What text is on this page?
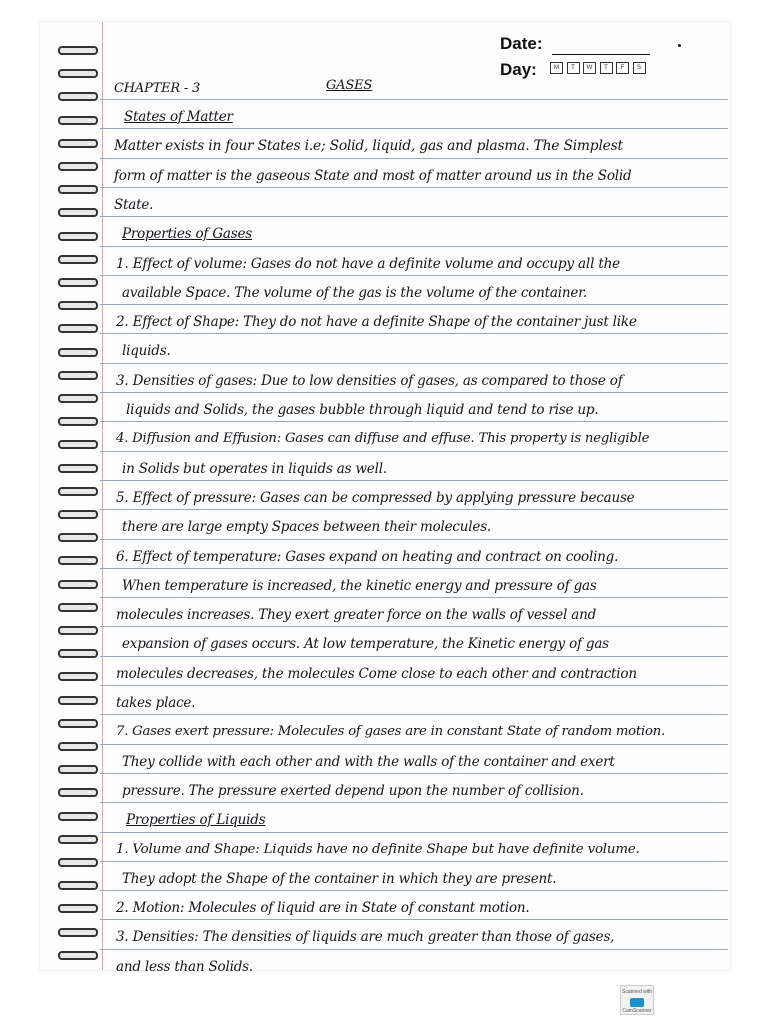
Date:
Day:	M	T	W	T	F	S
CHAPTER - 3	GASES
States of Matter
Matter exists in four States i.e; Solid, liquid, gas and plasma. The Simplest
form of matter is the gaseous State and most of matter around us in the Solid
State.
Properties of Gases
1. Effect of volume: Gases do not have a definite volume and occupy all the
available Space. The volume of the gas is the volume of the container.
2. Effect of Shape: They do not have a definite Shape of the container just like
liquids.
3. Densities of gases: Due to low densities of gases, as compared to those of
liquids and Solids, the gases bubble through liquid and tend to rise up.
4. Diffusion and Effusion: Gases can diffuse and effuse. This property is negligible
in Solids but operates in liquids as well.
5. Effect of pressure: Gases can be compressed by applying pressure because
there are large empty Spaces between their molecules.
6. Effect of temperature: Gases expand on heating and contract on cooling.
When temperature is increased, the kinetic energy and pressure of gas
molecules increases. They exert greater force on the walls of vessel and
expansion of gases occurs. At low temperature, the Kinetic energy of gas
molecules decreases, the molecules Come close to each other and contraction
takes place.
7. Gases exert pressure: Molecules of gases are in constant State of random motion.
They collide with each other and with the walls of the container and exert
pressure. The pressure exerted depend upon the number of collision.
Properties of Liquids
1. Volume and Shape: Liquids have no definite Shape but have definite volume.
They adopt the Shape of the container in which they are present.
2. Motion: Molecules of liquid are in State of constant motion.
3. Densities: The densities of liquids are much greater than those of gases,
and less than Solids.
Scanned with
CamScanner
